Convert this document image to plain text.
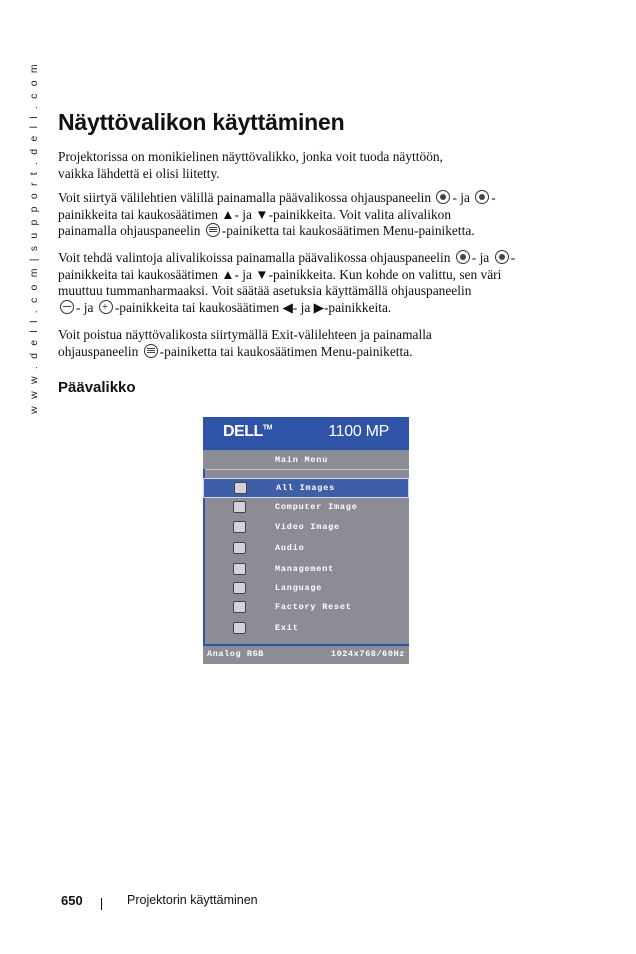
w w w . d e l l . c o m | s u p p o r t . d e l l . c o m Näyttövalikon käyttäminen

Projektorissa on monikielinen näyttövalikko, jonka voit tuoda näyttöön,
vaikka lähdettä ei olisi liitetty.

Voit siirtyä välilehtien välillä painamalla päävalikossa ohjauspaneelin - ja -
painikkeita tai kaukosäätimen ▲- ja ▼-painikkeita. Voit valita alivalikon
painamalla ohjauspaneelin -painiketta tai kaukosäätimen Menu-painiketta.

Voit tehdä valintoja alivalikoissa painamalla päävalikossa ohjauspaneelin - ja -
painikkeita tai kaukosäätimen ▲- ja ▼-painikkeita. Kun kohde on valittu, sen väri
muuttuu tummanharmaaksi. Voit säätää asetuksia käyttämällä ohjauspaneelin
- ja -painikkeita tai kaukosäätimen ◀- ja ▶-painikkeita.

Voit poistua näyttövalikosta siirtymällä Exit-välilehteen ja painamalla
ohjauspaneelin -painiketta tai kaukosäätimen Menu-painiketta.

Päävalikko
DELL™	1100 MP
Main Menu
All Images
Computer Image
Video Image
Audio
Management
Language
Factory Reset
Exit
Analog RGB	1024x768/60Hz
650	Projektorin käyttäminen
